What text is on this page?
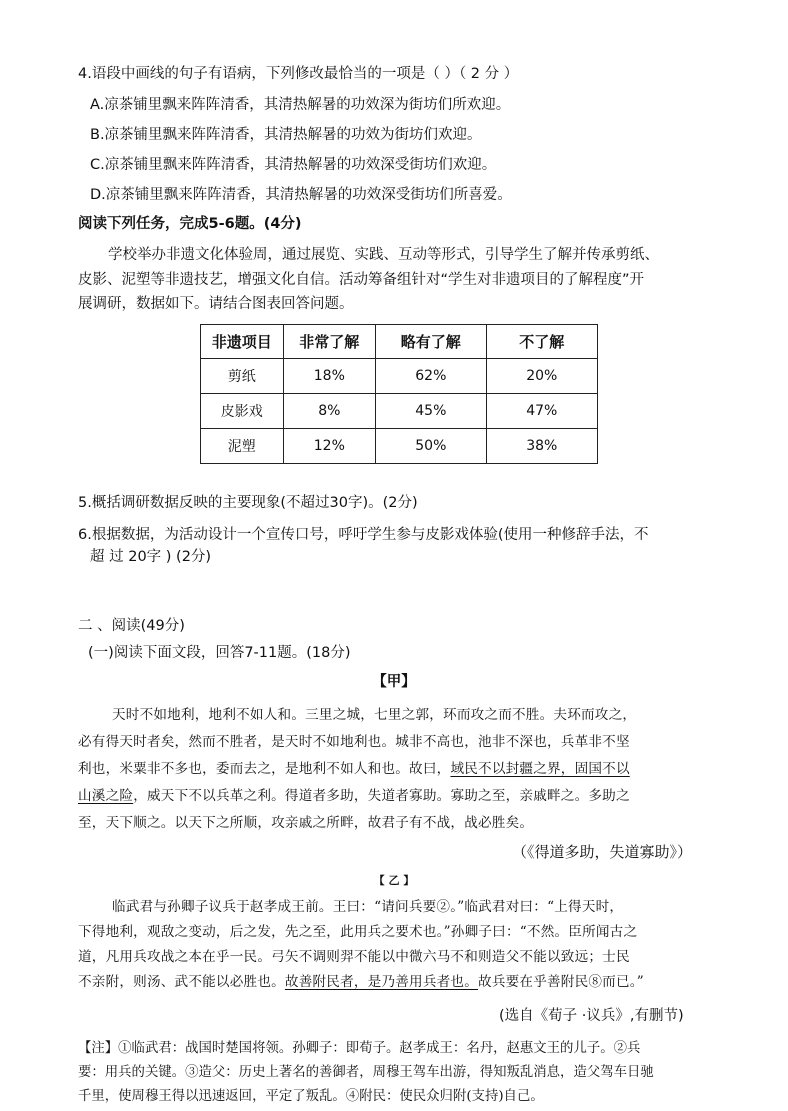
4.语段中画线的句子有语病，下列修改最恰当的一项是（ ）（ 2 分 ）
A.凉茶铺里飘来阵阵清香，其清热解暑的功效深为街坊们所欢迎。
B.凉茶铺里飘来阵阵清香，其清热解暑的功效为街坊们欢迎。
C.凉茶铺里飘来阵阵清香，其清热解暑的功效深受街坊们欢迎。
D.凉茶铺里飘来阵阵清香，其清热解暑的功效深受街坊们所喜爱。
阅读下列任务，完成5-6题。(4分)
学校举办非遗文化体验周，通过展览、实践、互动等形式，引导学生了解并传承剪纸、
皮影、泥塑等非遗技艺，增强文化自信。活动筹备组针对“学生对非遗项目的了解程度”开
展调研，数据如下。请结合图表回答问题。
非遗项目	非常了解	略有了解	不了解
剪纸	18%	62%	20%
皮影戏	8%	45%	47%
泥塑	12%	50%	38%
5.概括调研数据反映的主要现象(不超过30字)。(2分)
6.根据数据，为活动设计一个宣传口号，呼吁学生参与皮影戏体验(使用一种修辞手法，不
超 过 20字 ) (2分)
二 、阅读(49分)
(一)阅读下面文段，回答7-11题。(18分)
【甲】
天时不如地利，地利不如人和。三里之城，七里之郭，环而攻之而不胜。夫环而攻之，
必有得天时者矣，然而不胜者，是天时不如地利也。城非不高也，池非不深也，兵革非不坚
利也，米粟非不多也，委而去之，是地利不如人和也。故曰，域民不以封疆之界，固国不以
山溪之险，威天下不以兵革之利。得道者多助，失道者寡助。寡助之至，亲戚畔之。多助之
至，天下顺之。以天下之所顺，攻亲戚之所畔，故君子有不战，战必胜矣。
（《得道多助，失道寡助》）
【 乙 】
临武君与孙卿子议兵于赵孝成王前。王曰：“请问兵要②。”临武君对曰：“上得天时，
下得地利，观敌之变动，后之发，先之至，此用兵之要术也。”孙卿子曰：“不然。臣所闻古之
道，凡用兵攻战之本在乎一民。弓矢不调则羿不能以中微六马不和则造父不能以致远；士民
不亲附，则汤、武不能以必胜也。故善附民者，是乃善用兵者也。故兵要在乎善附民⑧而已。”
(选自《荀子 ·议兵》,有删节)
【注】①临武君：战国时楚国将领。孙卿子：即荀子。赵孝成王：名丹，赵惠文王的儿子。②兵
要：用兵的关键。③造父：历史上著名的善御者，周穆王驾车出游，得知叛乱消息，造父驾车日驰
千里，使周穆王得以迅速返回，平定了叛乱。④附民：使民众归附(支持)自己。
